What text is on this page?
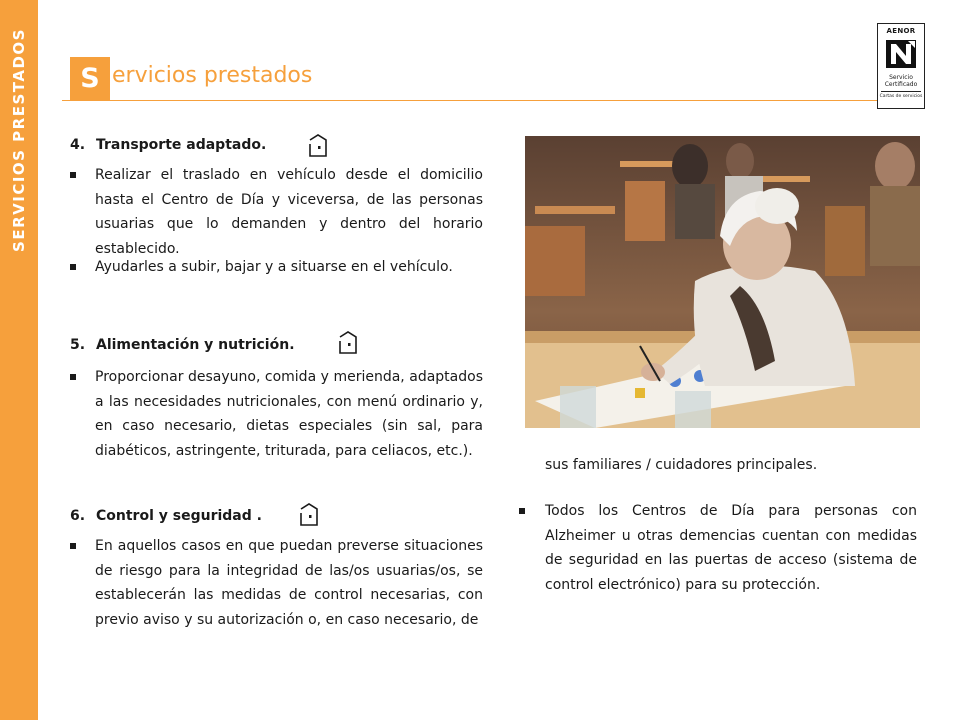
SERVICIOS PRESTADOS	S ervicios prestados
AENOR
Servicio
Certificado
Cartas de servicios
4. Transporte adaptado.

Realizar el traslado en vehículo desde el domicilio hasta el Centro de Día y viceversa, de las personas usuarias que lo demanden y dentro del horario establecido.

Ayudarles a subir, bajar y a situarse en el vehículo.

5. Alimentación y nutrición.

Proporcionar desayuno, comida y merienda, adaptados a las necesidades nutricionales, con menú ordinario y, en caso necesario, dietas especiales (sin sal, para diabéticos, astringente, triturada, para celiacos, etc.).

6. Control y seguridad .

En aquellos casos en que puedan preverse situaciones de riesgo para la integridad de las/os usuarias/os, se establecerán las medidas de control necesarias, con previo aviso y su autorización o, en caso necesario, de

sus familiares / cuidadores principales.

Todos los Centros de Día para personas con Alzheimer u otras demencias cuentan con medidas de seguridad en las puertas de acceso (sistema de control electrónico) para su protección.
